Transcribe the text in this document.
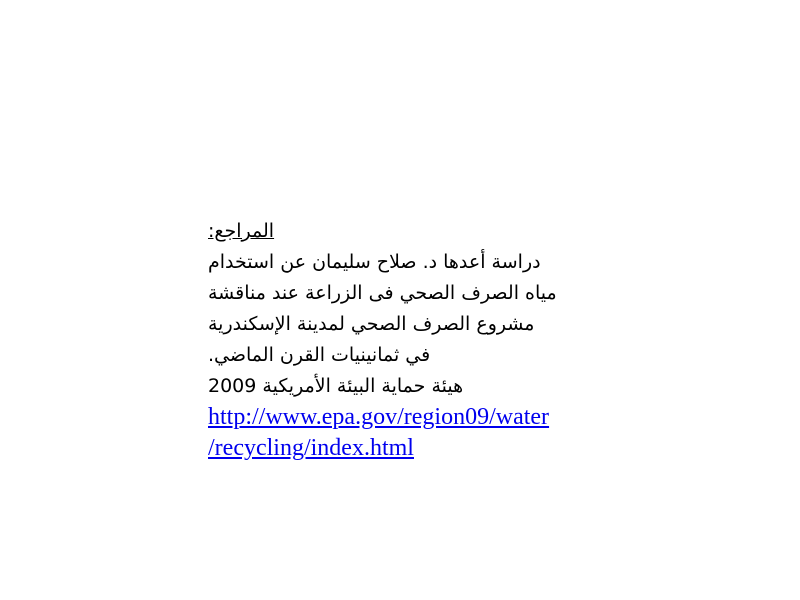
المراجع:
دراسة أعدها د. صلاح سليمان عن استخدام
مياه الصرف الصحي فى الزراعة عند مناقشة
مشروع الصرف الصحي لمدينة الإسكندرية
في ثمانينيات القرن الماضي.
هيئة حماية البيئة الأمريكية 2009
http://www.epa.gov/region09/water
/recycling/index.html
